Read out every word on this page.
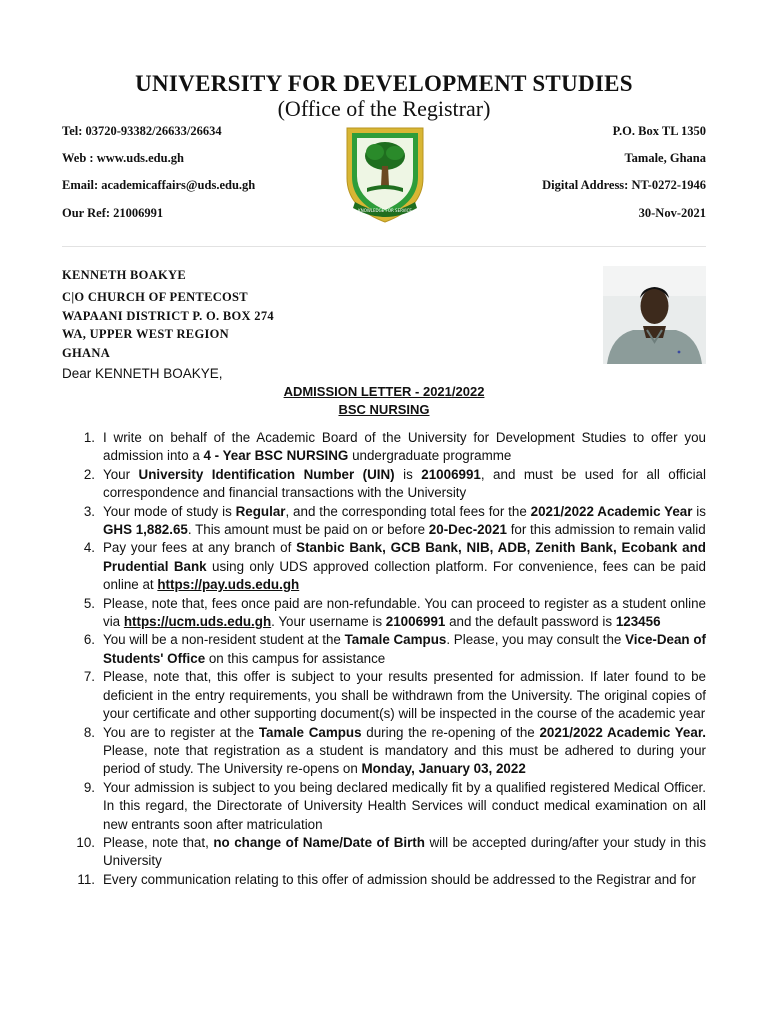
UNIVERSITY FOR DEVELOPMENT STUDIES
(Office of the Registrar)
Tel: 03720-93382/26633/26634
Web : www.uds.edu.gh
Email: academicaffairs@uds.edu.gh
Our Ref: 21006991
P.O. Box TL 1350
Tamale, Ghana
Digital Address: NT-0272-1946
30-Nov-2021
KNOWLEDGE FOR SERVICE
KENNETH BOAKYE
C|O CHURCH OF PENTECOST
WAPAANI DISTRICT P. O. BOX 274
WA, UPPER WEST REGION
GHANA
Dear KENNETH BOAKYE,
ADMISSION LETTER - 2021/2022
BSC NURSING
1. I write on behalf of the Academic Board of the University for Development Studies to offer you admission into a 4 - Year BSC NURSING undergraduate programme
2. Your University Identification Number (UIN) is 21006991, and must be used for all official correspondence and financial transactions with the University
3. Your mode of study is Regular, and the corresponding total fees for the 2021/2022 Academic Year is GHS 1,882.65. This amount must be paid on or before 20-Dec-2021 for this admission to remain valid
4. Pay your fees at any branch of Stanbic Bank, GCB Bank, NIB, ADB, Zenith Bank, Ecobank and Prudential Bank using only UDS approved collection platform. For convenience, fees can be paid online at https://pay.uds.edu.gh
5. Please, note that, fees once paid are non-refundable. You can proceed to register as a student online via https://ucm.uds.edu.gh. Your username is 21006991 and the default password is 123456
6. You will be a non-resident student at the Tamale Campus. Please, you may consult the Vice-Dean of Students' Office on this campus for assistance
7. Please, note that, this offer is subject to your results presented for admission. If later found to be deficient in the entry requirements, you shall be withdrawn from the University. The original copies of your certificate and other supporting document(s) will be inspected in the course of the academic year
8. You are to register at the Tamale Campus during the re-opening of the 2021/2022 Academic Year. Please, note that registration as a student is mandatory and this must be adhered to during your period of study. The University re-opens on Monday, January 03, 2022
9. Your admission is subject to you being declared medically fit by a qualified registered Medical Officer. In this regard, the Directorate of University Health Services will conduct medical examination on all new entrants soon after matriculation
10. Please, note that, no change of Name/Date of Birth will be accepted during/after your study in this University
11. Every communication relating to this offer of admission should be addressed to the Registrar and for
